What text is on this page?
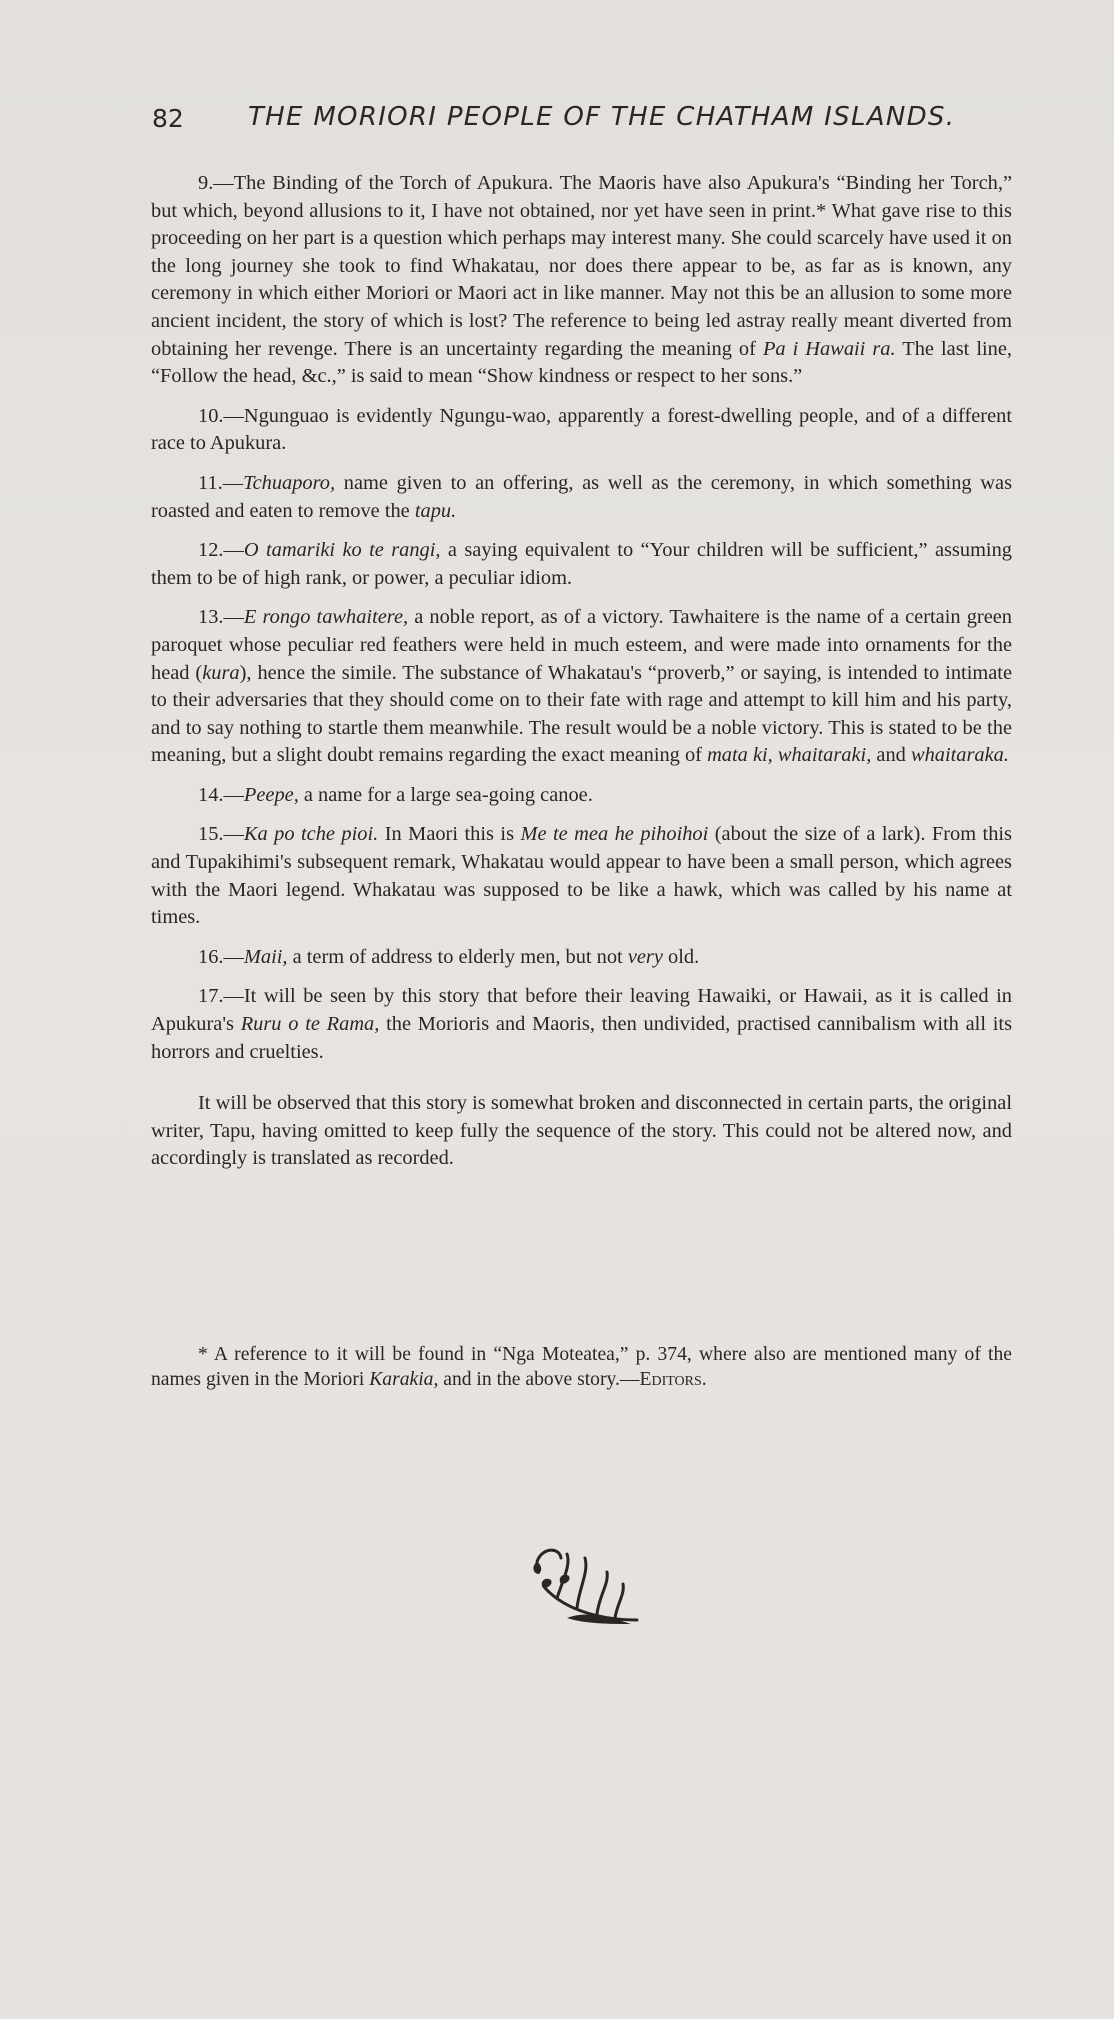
82 THE MORIORI PEOPLE OF THE CHATHAM ISLANDS.

9.—The Binding of the Torch of Apukura. The Maoris have also Apukura's “Binding her Torch,” but which, beyond allusions to it, I have not obtained, nor yet have seen in print.* What gave rise to this proceeding on her part is a question which perhaps may interest many. She could scarcely have used it on the long journey she took to find Whakatau, nor does there appear to be, as far as is known, any ceremony in which either Moriori or Maori act in like manner. May not this be an allusion to some more ancient incident, the story of which is lost? The reference to being led astray really meant diverted from obtaining her revenge. There is an uncertainty regarding the meaning of Pa i Hawaii ra. The last line, “Follow the head, &c.,” is said to mean “Show kindness or respect to her sons.”

10.—Ngunguao is evidently Ngungu-wao, apparently a forest-dwelling people, and of a different race to Apukura.

11.—Tchuaporo, name given to an offering, as well as the ceremony, in which something was roasted and eaten to remove the tapu.

12.—O tamariki ko te rangi, a saying equivalent to “Your children will be sufficient,” assuming them to be of high rank, or power, a peculiar idiom.

13.—E rongo tawhaitere, a noble report, as of a victory. Tawhaitere is the name of a certain green paroquet whose peculiar red feathers were held in much esteem, and were made into ornaments for the head (kura), hence the simile. The substance of Whakatau's “proverb,” or saying, is intended to intimate to their adversaries that they should come on to their fate with rage and attempt to kill him and his party, and to say nothing to startle them meanwhile. The result would be a noble victory. This is stated to be the meaning, but a slight doubt remains regarding the exact meaning of mata ki, whaitaraki, and whaitaraka.

14.—Peepe, a name for a large sea-going canoe.

15.—Ka po tche pioi. In Maori this is Me te mea he pihoihoi (about the size of a lark). From this and Tupakihimi's subsequent remark, Whakatau would appear to have been a small person, which agrees with the Maori legend. Whakatau was supposed to be like a hawk, which was called by his name at times.

16.—Maii, a term of address to elderly men, but not very old.

17.—It will be seen by this story that before their leaving Hawaiki, or Hawaii, as it is called in Apukura's Ruru o te Rama, the Morioris and Maoris, then undivided, practised cannibalism with all its horrors and cruelties.

It will be observed that this story is somewhat broken and disconnected in certain parts, the original writer, Tapu, having omitted to keep fully the sequence of the story. This could not be altered now, and accordingly is translated as recorded.

* A reference to it will be found in “Nga Moteatea,” p. 374, where also are mentioned many of the names given in the Moriori Karakia, and in the above story.—Editors.
